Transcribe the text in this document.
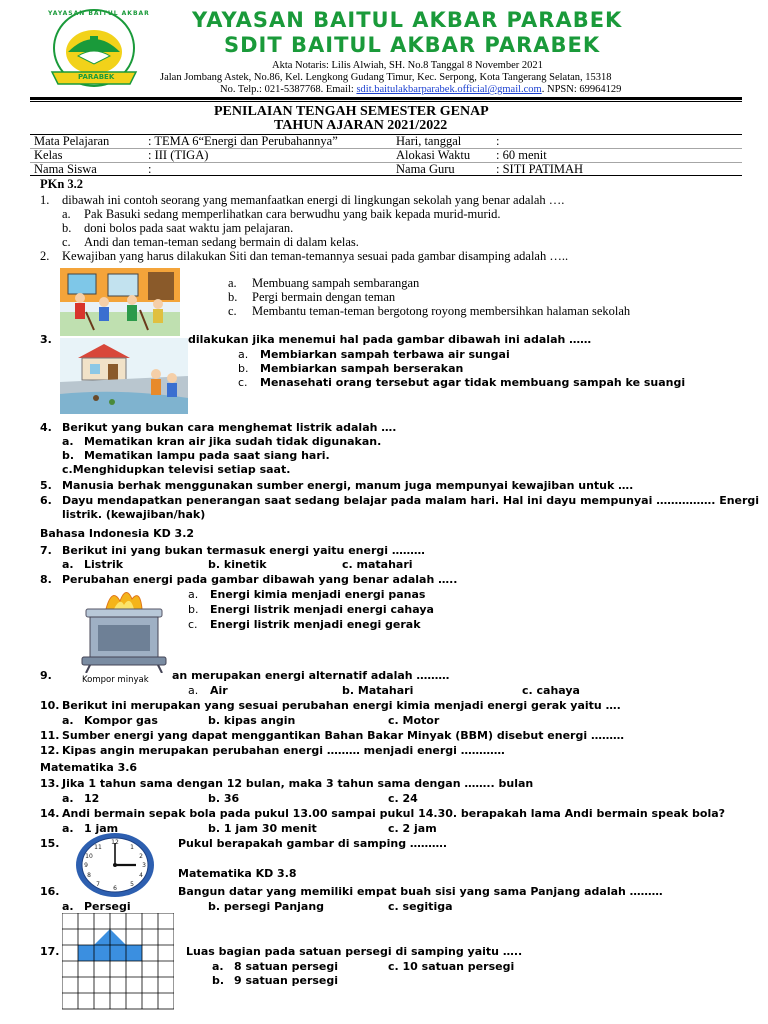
YAYASAN BAITUL AKBAR
PARABEK
YAYASAN BAITUL AKBAR PARABEK
SDIT BAITUL AKBAR PARABEK
Akta Notaris: Lilis Alwiah, SH. No.8 Tanggal 8 November 2021
Jalan Jombang Astek, No.86, Kel. Lengkong Gudang Timur, Kec. Serpong, Kota Tangerang Selatan, 15318
No. Telp.: 021-5387768. Email: sdit.baitulakbarparabek.official@gmail.com. NPSN: 69964129
PENILAIAN TENGAH SEMESTER GENAP
TAHUN AJARAN 2021/2022
Mata Pelajaran	: TEMA 6“Energi dan Perubahannya”	Hari, tanggal	:
Kelas	: III (TIGA)	Alokasi Waktu : 60 menit
Nama Siswa	:	Nama Guru	: SITI PATIMAH
PKn 3.2
1. dibawah ini contoh seorang yang memanfaatkan energi di lingkungan sekolah yang benar adalah ….
a. Pak Basuki sedang memperlihatkan cara berwudhu yang baik kepada murid-murid.
b. doni bolos pada saat waktu jam pelajaran.
c. Andi dan teman-teman sedang bermain di dalam kelas.
2. Kewajiban yang harus dilakukan Siti dan teman-temannya sesuai pada gambar disamping adalah …..
a. Membuang sampah sembarangan
b. Pergi bermain dengan teman
c. Membantu teman-teman bergotong royong membersihkan halaman sekolah
3.	dilakukan jika menemui hal pada gambar dibawah ini adalah ……
a. Membiarkan sampah terbawa air sungai
b. Membiarkan sampah berserakan
c. Menasehati orang tersebut agar tidak membuang sampah ke suangi
4. Berikut yang bukan cara menghemat listrik adalah ….
a. Mematikan kran air jika sudah tidak digunakan.
b. Mematikan lampu pada saat siang hari.
c.Menghidupkan televisi setiap saat.
5. Manusia berhak menggunakan sumber energi, manum juga mempunyai kewajiban untuk ….
6. Dayu mendapatkan penerangan saat sedang belajar pada malam hari. Hal ini dayu mempunyai ……………. Energi
listrik. (kewajiban/hak)
Bahasa Indonesia KD 3.2
7. Berikut ini yang bukan termasuk energi yaitu energi ………
a. Listrik	b. kinetik	c. matahari
8. Perubahan energi pada gambar dibawah yang benar adalah …..
Kompor minyak
a. Energi kimia menjadi energi panas
b. Energi listrik menjadi energi cahaya
c. Energi listrik menjadi enegi gerak
9.	an merupakan energi alternatif adalah ………
a. Air	b. Matahari	c. cahaya
10. Berikut ini merupakan yang sesuai perubahan energi kimia menjadi energi gerak yaitu ….
a. Kompor gas	b. kipas angin	c. Motor
11. Sumber energi yang dapat menggantikan Bahan Bakar Minyak (BBM) disebut energi ………
12. Kipas angin merupakan perubahan energi ……… menjadi energi …………
Matematika 3.6
13. Jika 1 tahun sama dengan 12 bulan, maka 3 tahun sama dengan …….. bulan
a. 12	b. 36	c. 24
14. Andi bermain sepak bola pada pukul 13.00 sampai pukul 14.30. berapakah lama Andi bermain speak bola?
a. 1 jam	b. 1 jam 30 menit	c. 2 jam
15.	12
1
2
3
4
5
6
7
8
9
10
11	Pukul berapakah gambar di samping ……….
Matematika KD 3.8
16.	Bangun datar yang memiliki empat buah sisi yang sama Panjang adalah ………
a. Persegi	b. persegi Panjang	c. segitiga
17.	Luas bagian pada satuan persegi di samping yaitu …..
a. 8 satuan persegi	c. 10 satuan persegi
b. 9 satuan persegi
